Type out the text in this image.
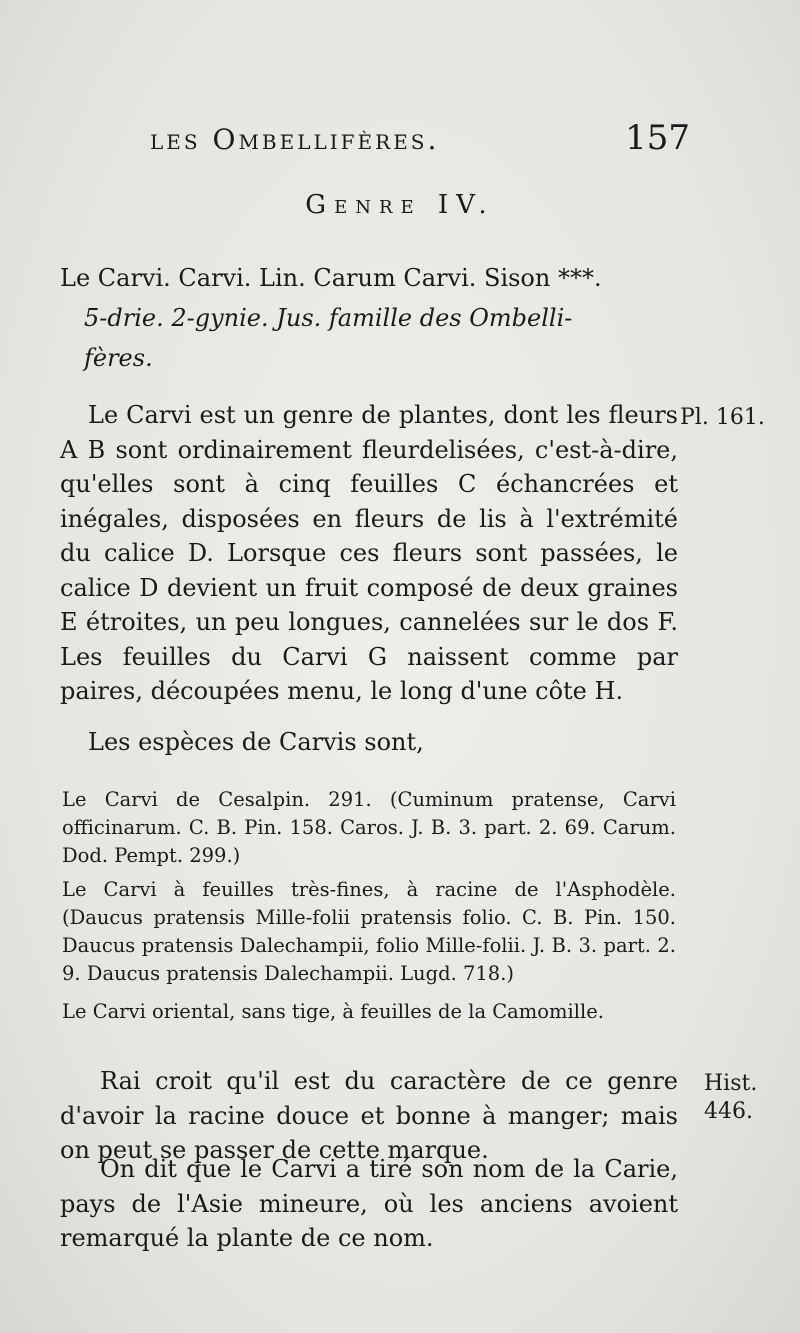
les Ombellifères.	157
Genre IV.
Le Carvi. Carvi. Lin. Carum Carvi. Sison ***.
5-drie. 2-gynie. Jus. famille des Ombelli-
fères.
Le Carvi est un genre de plantes, dont les fleurs A B sont ordinairement fleurdelisées, c'est-à-dire, qu'elles sont à cinq feuilles C échancrées et inégales, disposées en fleurs de lis à l'extrémité du calice D. Lorsque ces fleurs sont passées, le calice D devient un fruit composé de deux graines E étroites, un peu longues, cannelées sur le dos F. Les feuilles du Carvi G naissent comme par paires, découpées menu, le long d'une côte H.
Pl. 161.
Les espèces de Carvis sont,
Le Carvi de Cesalpin. 291. (Cuminum pratense, Carvi officinarum. C. B. Pin. 158. Caros. J. B. 3. part. 2. 69. Carum. Dod. Pempt. 299.)
Le Carvi à feuilles très-fines, à racine de l'Asphodèle. (Daucus pratensis Mille-folii pratensis folio. C. B. Pin. 150. Daucus pratensis Dalechampii, folio Mille-folii. J. B. 3. part. 2. 9. Daucus pratensis Dalechampii. Lugd. 718.)
Le Carvi oriental, sans tige, à feuilles de la Camomille.
Rai croit qu'il est du caractère de ce genre d'avoir la racine douce et bonne à manger; mais on peut se passer de cette marque.
Hist.
446.
On dit que le Carvi a tiré son nom de la Carie, pays de l'Asie mineure, où les anciens avoient remarqué la plante de ce nom.
